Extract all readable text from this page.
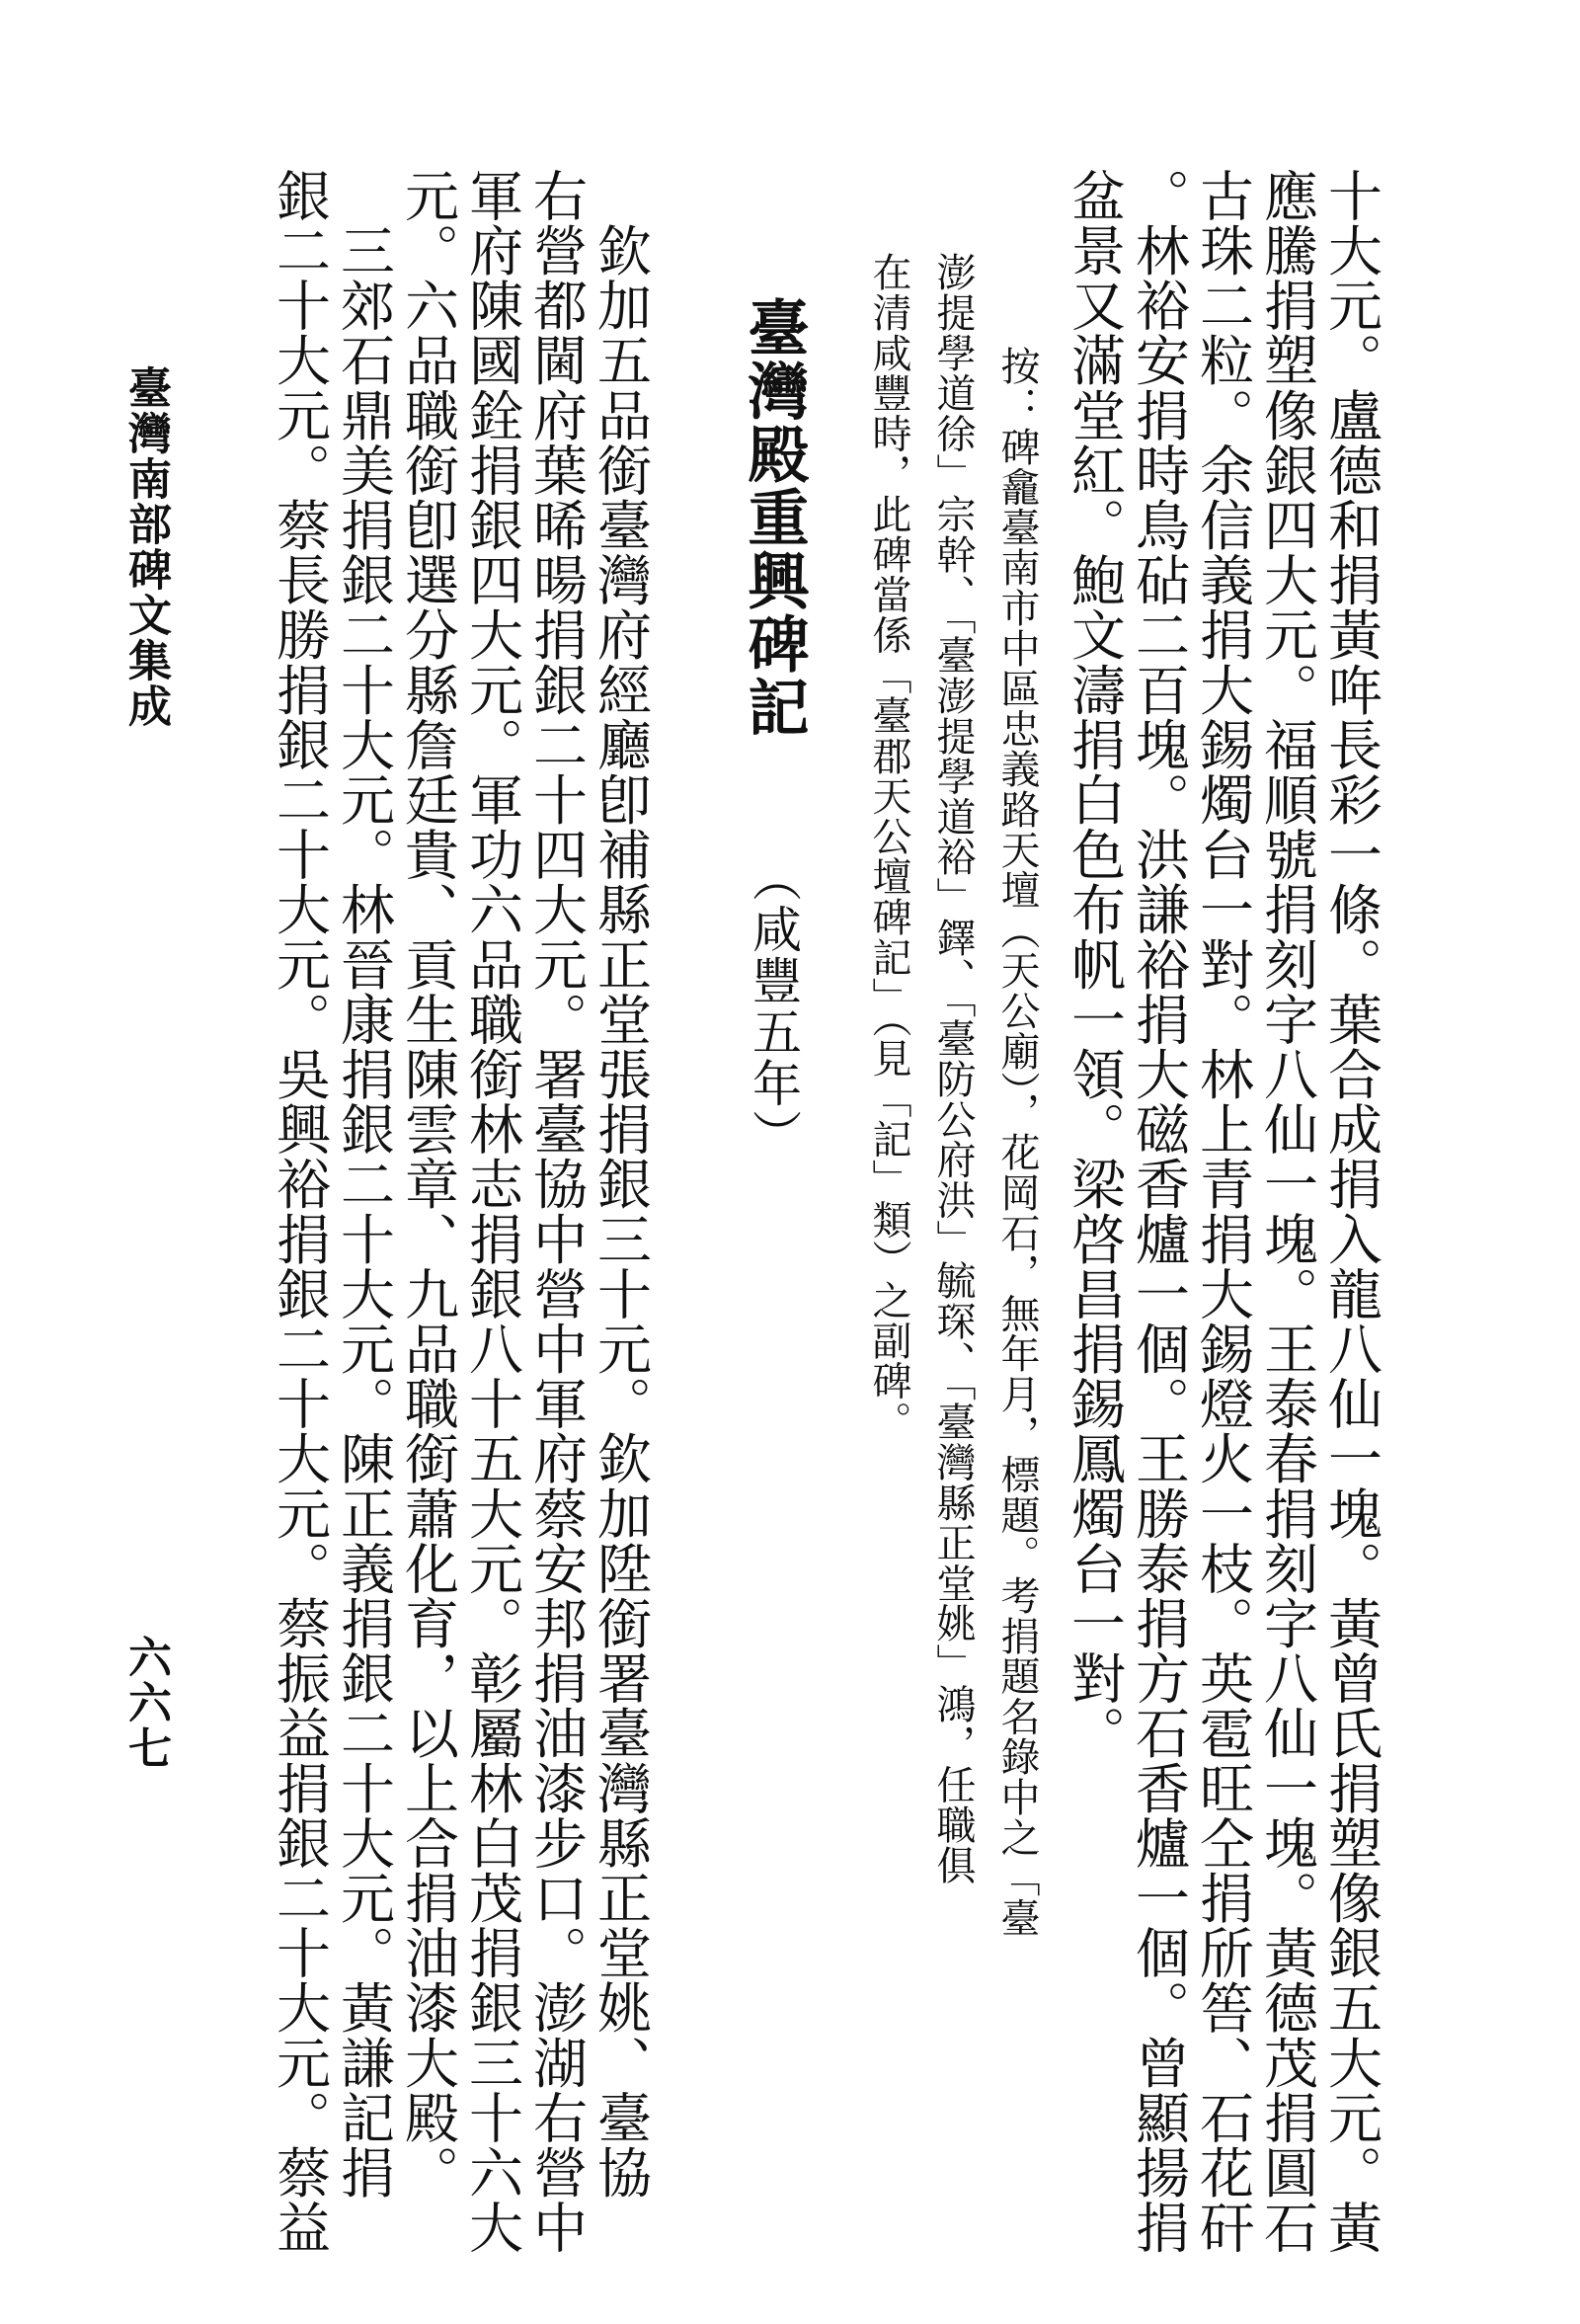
十大元。盧德和捐黃哖長彩一條。葉合成捐入龍八仙一塊。黃曾氏捐塑像銀五大元。黃
應騰捐塑像銀四大元。福順號捐刻字八仙一塊。王泰春捐刻字八仙一塊。黃德茂捐圓石
古珠二粒。余信義捐大錫燭台一對。林上青捐大錫燈火一枝。英雹旺仝捐斦筶、石花矸
。林裕安捐時鳥砧二百塊。洪謙裕捐大磁香爐一個。王勝泰捐方石香爐一個。曾顯揚捐
盆景又滿堂紅。鮑文濤捐白色布帆一領。梁啓昌捐錫鳳燭台一對。
按：碑龕臺南市中區忠義路天壇（天公廟），花岡石，無年月，標題。考捐題名錄中之「臺
澎提學道徐」宗幹、「臺澎提學道裕」鐸、「臺防公府洪」毓琛、「臺灣縣正堂姚」鴻，任職俱
在清咸豐時，此碑當係「臺郡天公壇碑記」（見「記」類）之副碑。
臺灣殿重興碑記 （咸豐五年）
　欽加五品銜臺灣府經廳卽補縣正堂張捐銀三十元。欽加陞銜署臺灣縣正堂姚、臺協
右營都閫府葉晞暘捐銀二十四大元。署臺協中營中軍府蔡安邦捐油漆步口。澎湖右營中
軍府陳國銓捐銀四大元。軍功六品職銜林志捐銀八十五大元。彰屬林白茂捐銀三十六大
元。六品職銜卽選分縣詹廷貴、貢生陳雲章、九品職銜蕭化育，以上合捐油漆大殿。
　三郊石鼎美捐銀二十大元。林晉康捐銀二十大元。陳正義捐銀二十大元。黃謙記捐
銀二十大元。蔡長勝捐銀二十大元。吳興裕捐銀二十大元。蔡振益捐銀二十大元。蔡益
臺灣南部碑文集成
六六七
